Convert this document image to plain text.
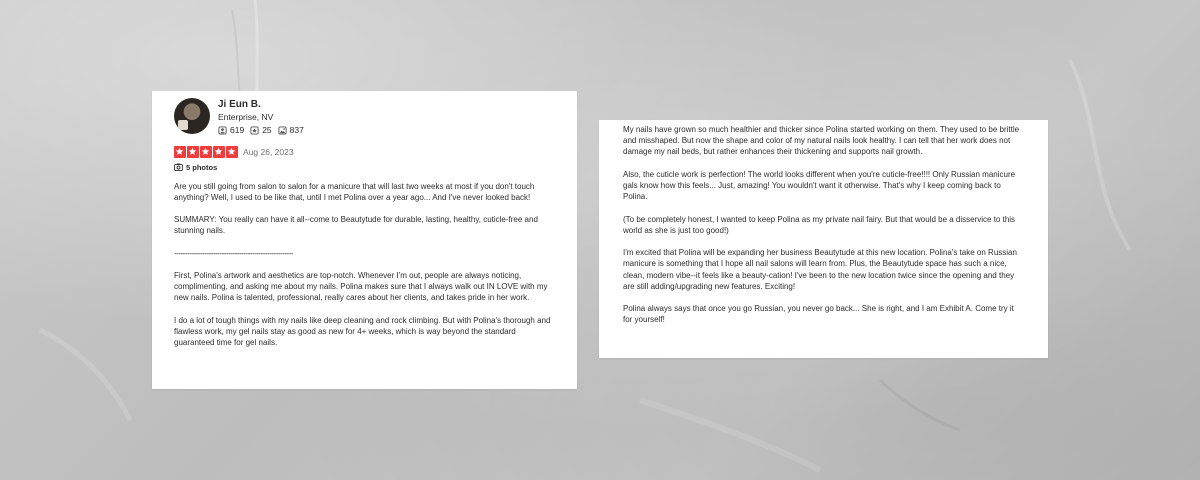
Ji Eun B.
Enterprise, NV
619 25 837
Aug 26, 2023
5 photos

Are you still going from salon to salon for a manicure that will last two weeks at most if you don't touch anything? Well, I used to be like that, until I met Polina over a year ago... And I've never looked back!

SUMMARY: You really can have it all--come to Beautytude for durable, lasting, healthy, cuticle-free and stunning nails.

-------------------------------------------------------

First, Polina's artwork and aesthetics are top-notch. Whenever I'm out, people are always noticing, complimenting, and asking me about my nails. Polina makes sure that I always walk out IN LOVE with my new nails. Polina is talented, professional, really cares about her clients, and takes pride in her work.

I do a lot of tough things with my nails like deep cleaning and rock climbing. But with Polina's thorough and flawless work, my gel nails stay as good as new for 4+ weeks, which is way beyond the standard guaranteed time for gel nails.

My nails have grown so much healthier and thicker since Polina started working on them. They used to be brittle and misshaped. But now the shape and color of my natural nails look healthy. I can tell that her work does not damage my nail beds, but rather enhances their thickening and supports nail growth.

Also, the cuticle work is perfection! The world looks different when you're cuticle-free!!!! Only Russian manicure gals know how this feels... Just, amazing! You wouldn't want it otherwise. That's why I keep coming back to Polina.

(To be completely honest, I wanted to keep Polina as my private nail fairy. But that would be a disservice to this world as she is just too good!)

I'm excited that Polina will be expanding her business Beautytude at this new location. Polina's take on Russian manicure is something that I hope all nail salons will learn from. Plus, the Beautytude space has such a nice, clean, modern vibe--it feels like a beauty-cation! I've been to the new location twice since the opening and they are still adding/upgrading new features. Exciting!

Polina always says that once you go Russian, you never go back... She is right, and I am Exhibit A. Come try it for yourself!
